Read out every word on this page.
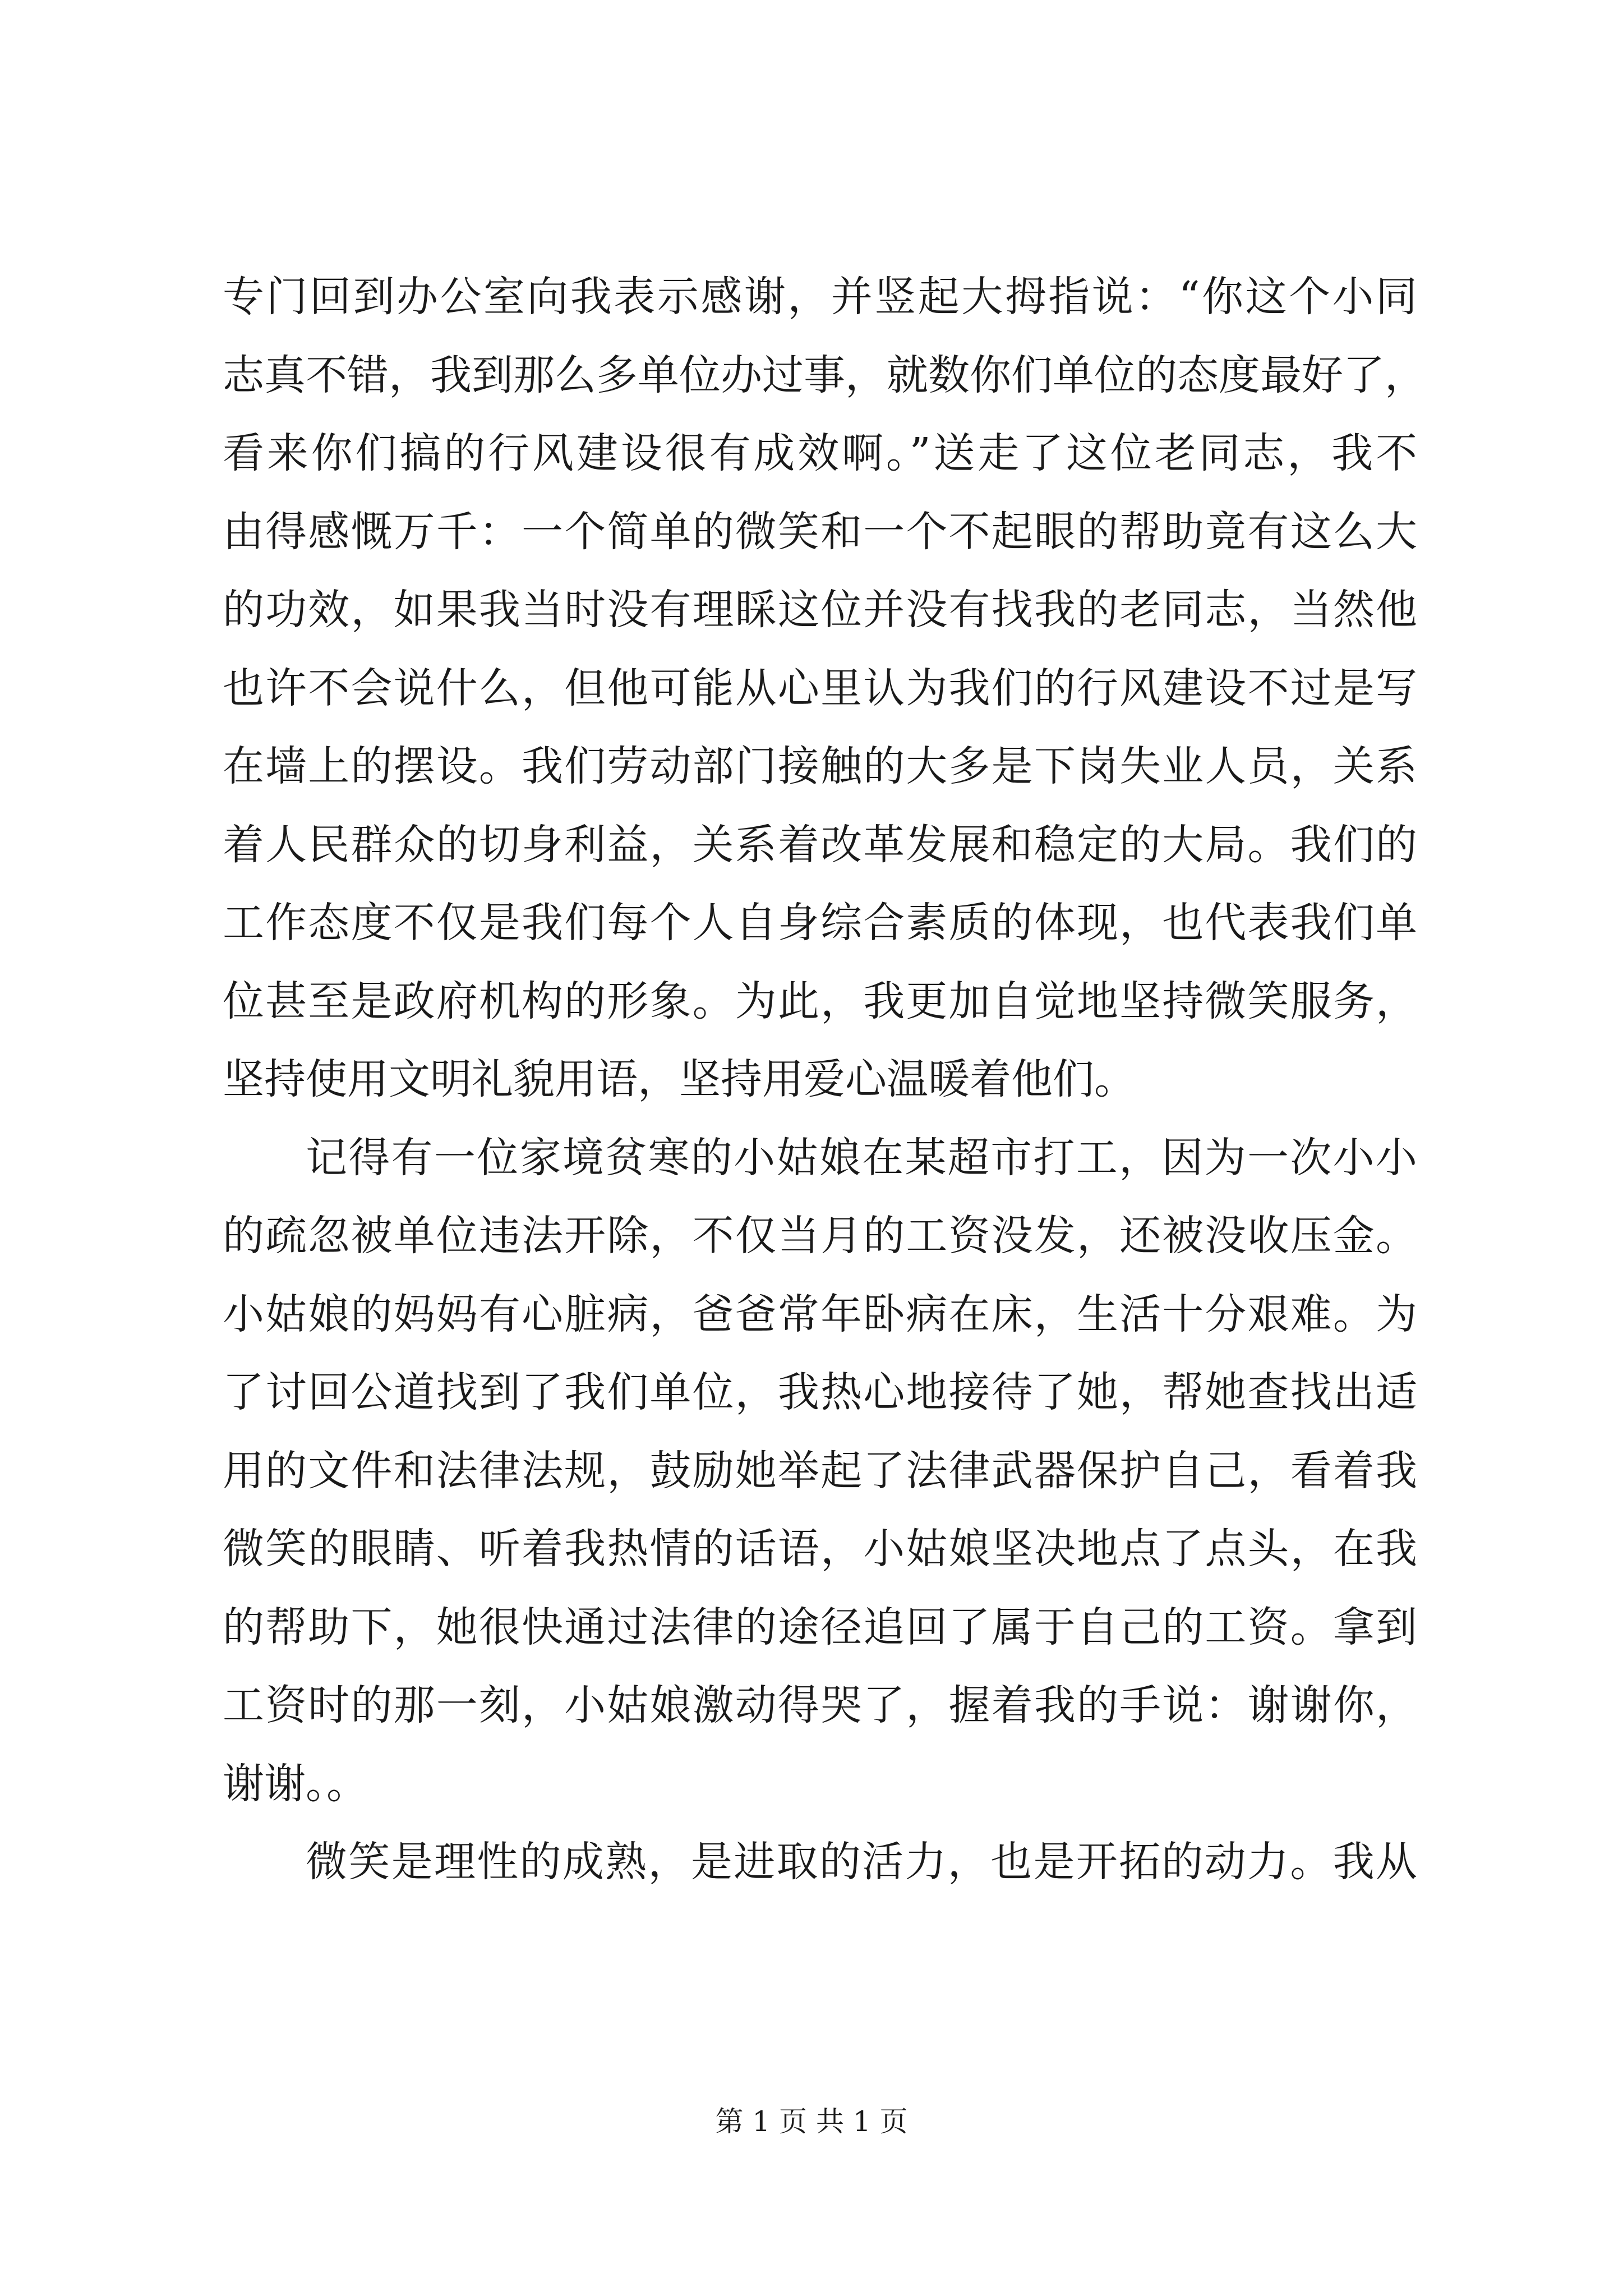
专门回到办公室向我表示感谢，并竖起大拇指说：“你这个小同
志真不错，我到那么多单位办过事，就数你们单位的态度最好了，
看来你们搞的行风建设很有成效啊。”送走了这位老同志，我不
由得感慨万千：一个简单的微笑和一个不起眼的帮助竟有这么大
的功效，如果我当时没有理睬这位并没有找我的老同志，当然他
也许不会说什么，但他可能从心里认为我们的行风建设不过是写
在墙上的摆设。我们劳动部门接触的大多是下岗失业人员，关系
着人民群众的切身利益，关系着改革发展和稳定的大局。我们的
工作态度不仅是我们每个人自身综合素质的体现，也代表我们单
位甚至是政府机构的形象。为此，我更加自觉地坚持微笑服务，
坚持使用文明礼貌用语，坚持用爱心温暖着他们。
记得有一位家境贫寒的小姑娘在某超市打工，因为一次小小
的疏忽被单位违法开除，不仅当月的工资没发，还被没收压金。
小姑娘的妈妈有心脏病，爸爸常年卧病在床，生活十分艰难。为
了讨回公道找到了我们单位，我热心地接待了她，帮她查找出适
用的文件和法律法规，鼓励她举起了法律武器保护自己，看着我
微笑的眼睛、听着我热情的话语，小姑娘坚决地点了点头，在我
的帮助下，她很快通过法律的途径追回了属于自己的工资。拿到
工资时的那一刻，小姑娘激动得哭了，握着我的手说：谢谢你，
谢谢。。
微笑是理性的成熟，是进取的活力，也是开拓的动力。我从
第 1 页 共 1 页
